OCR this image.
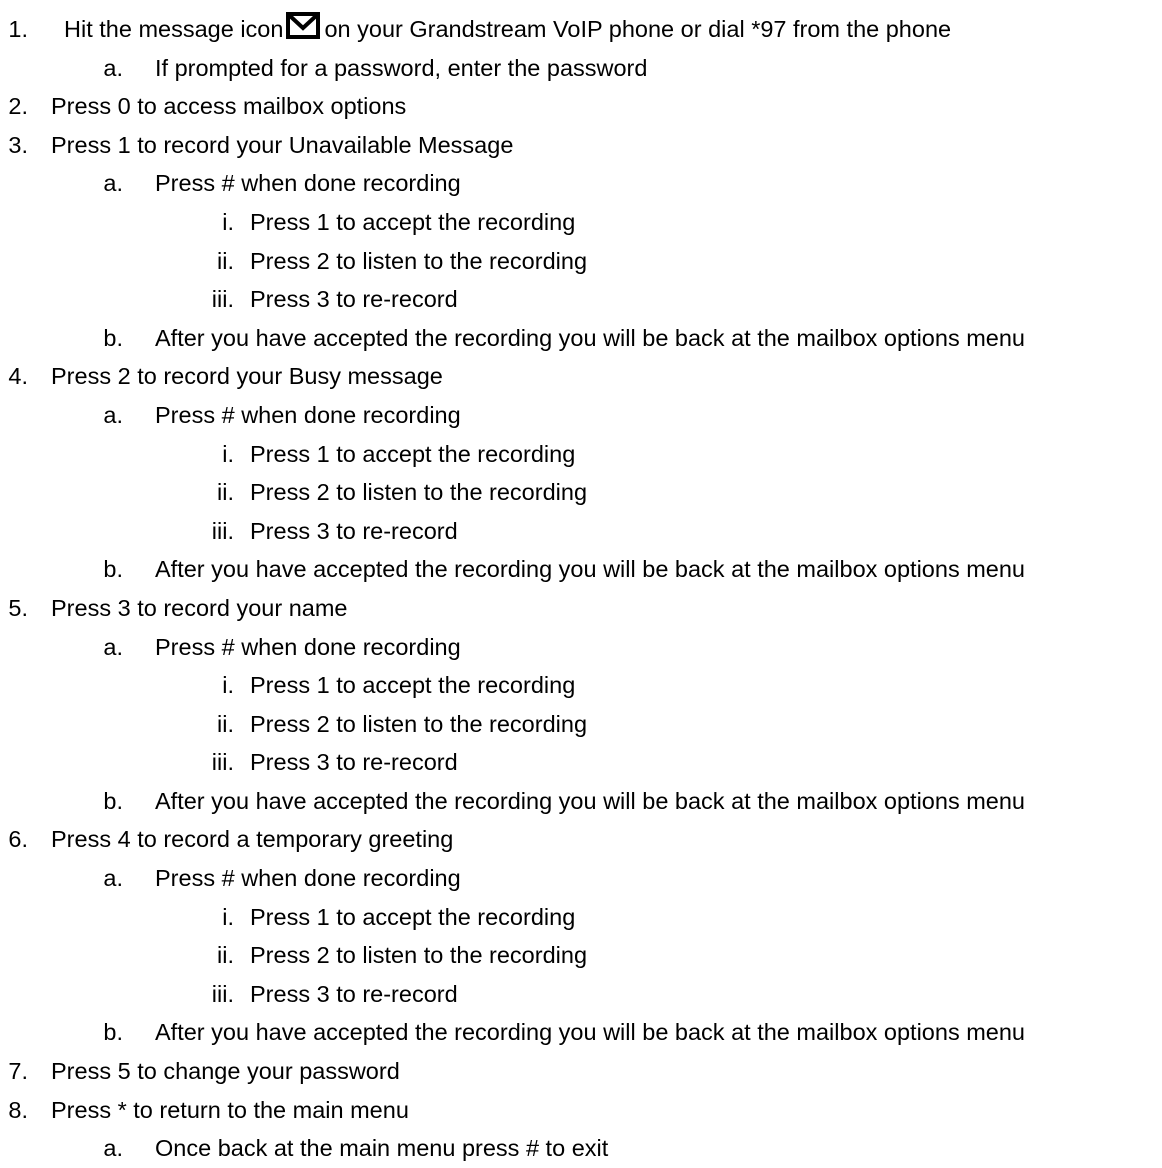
1. Hit the message icon on your Grandstream VoIP phone or dial *97 from the phone
a. If prompted for a password, enter the password
2. Press 0 to access mailbox options
3. Press 1 to record your Unavailable Message
a. Press # when done recording
i. Press 1 to accept the recording
ii. Press 2 to listen to the recording
iii. Press 3 to re-record
b. After you have accepted the recording you will be back at the mailbox options menu
4. Press 2 to record your Busy message
a. Press # when done recording
i. Press 1 to accept the recording
ii. Press 2 to listen to the recording
iii. Press 3 to re-record
b. After you have accepted the recording you will be back at the mailbox options menu
5. Press 3 to record your name
a. Press # when done recording
i. Press 1 to accept the recording
ii. Press 2 to listen to the recording
iii. Press 3 to re-record
b. After you have accepted the recording you will be back at the mailbox options menu
6. Press 4 to record a temporary greeting
a. Press # when done recording
i. Press 1 to accept the recording
ii. Press 2 to listen to the recording
iii. Press 3 to re-record
b. After you have accepted the recording you will be back at the mailbox options menu
7. Press 5 to change your password
8. Press * to return to the main menu
a. Once back at the main menu press # to exit
